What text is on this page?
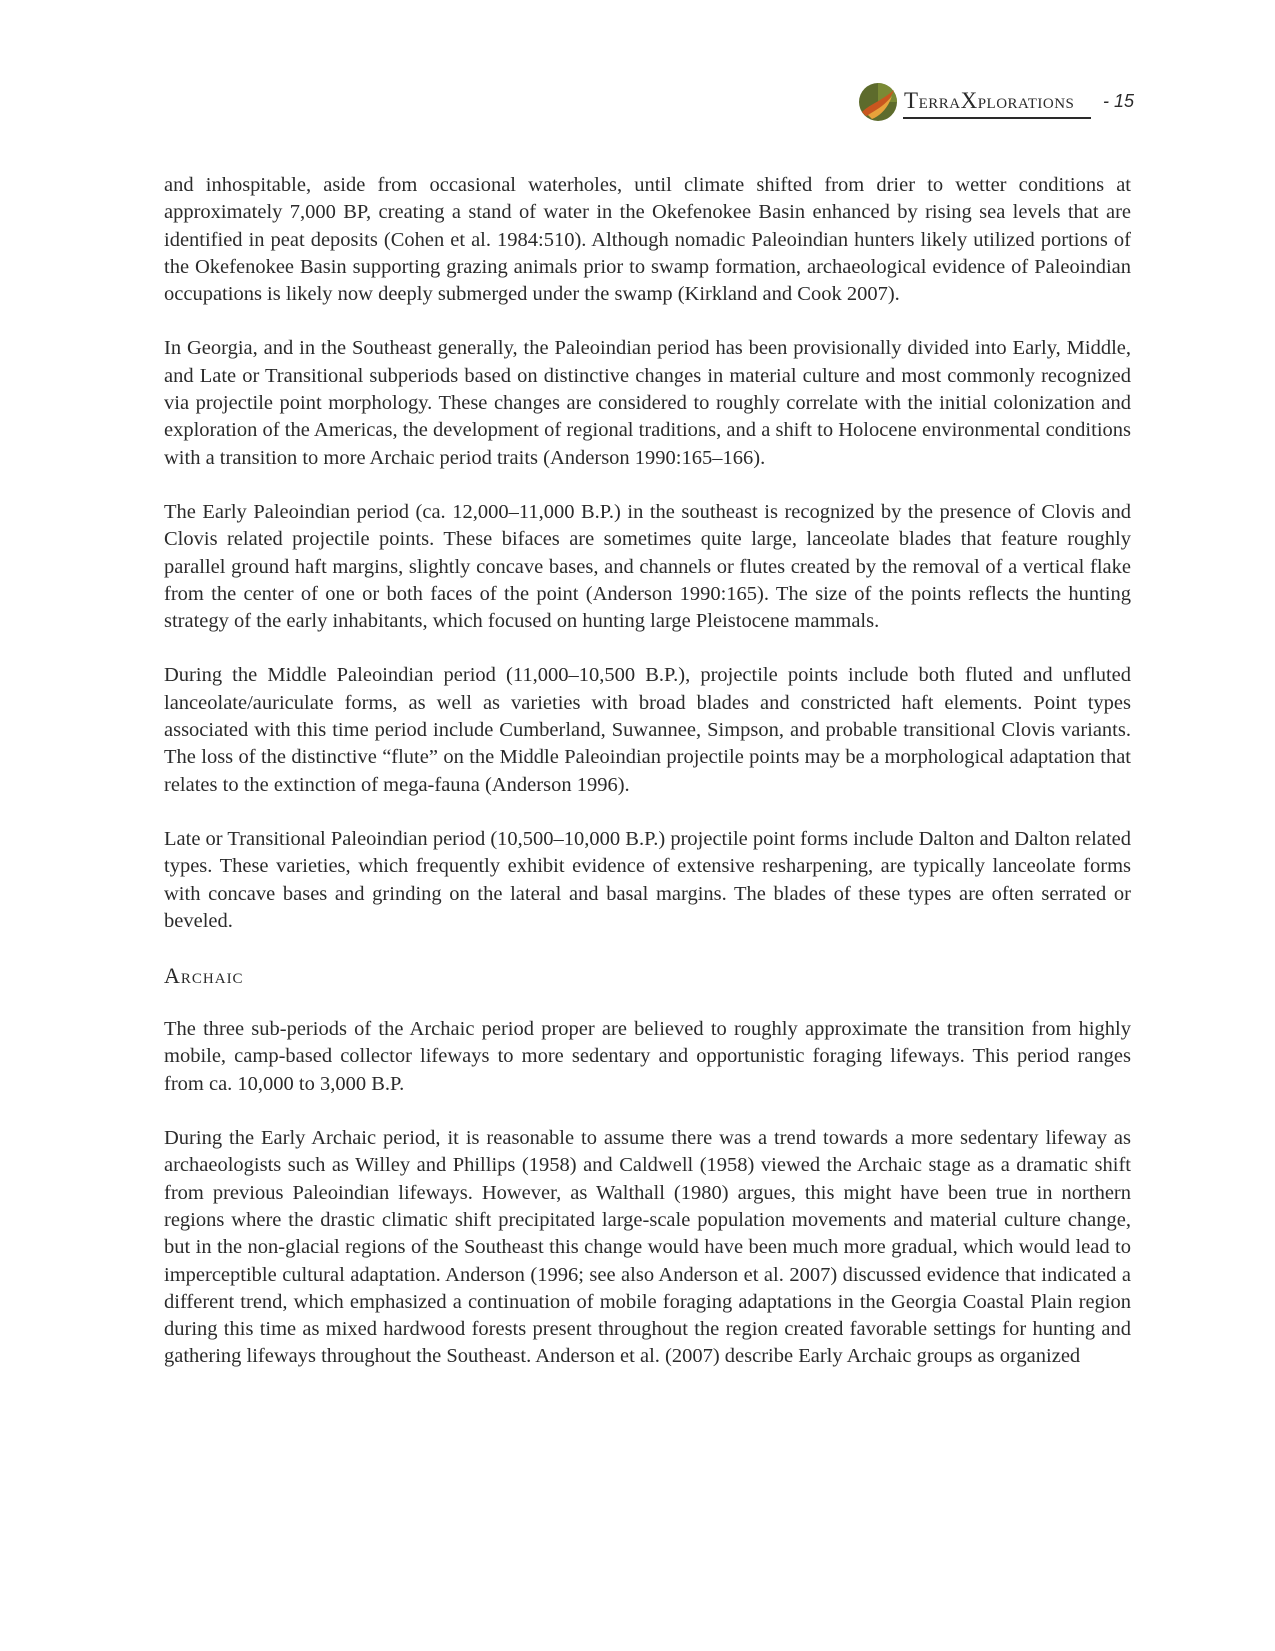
TERRAXPLORATIONS - 15

and inhospitable, aside from occasional waterholes, until climate shifted from drier to wetter conditions at approximately 7,000 BP, creating a stand of water in the Okefenokee Basin enhanced by rising sea levels that are identified in peat deposits (Cohen et al. 1984:510). Although nomadic Paleoindian hunters likely utilized portions of the Okefenokee Basin supporting grazing animals prior to swamp formation, archaeological evidence of Paleoindian occupations is likely now deeply submerged under the swamp (Kirkland and Cook 2007).

In Georgia, and in the Southeast generally, the Paleoindian period has been provisionally divided into Early, Middle, and Late or Transitional subperiods based on distinctive changes in material culture and most commonly recognized via projectile point morphology. These changes are considered to roughly correlate with the initial colonization and exploration of the Americas, the development of regional traditions, and a shift to Holocene environmental conditions with a transition to more Archaic period traits (Anderson 1990:165–166).

The Early Paleoindian period (ca. 12,000–11,000 B.P.) in the southeast is recognized by the presence of Clovis and Clovis related projectile points. These bifaces are sometimes quite large, lanceolate blades that feature roughly parallel ground haft margins, slightly concave bases, and channels or flutes created by the removal of a vertical flake from the center of one or both faces of the point (Anderson 1990:165). The size of the points reflects the hunting strategy of the early inhabitants, which focused on hunting large Pleistocene mammals.

During the Middle Paleoindian period (11,000–10,500 B.P.), projectile points include both fluted and unfluted lanceolate/auriculate forms, as well as varieties with broad blades and constricted haft elements. Point types associated with this time period include Cumberland, Suwannee, Simpson, and probable transitional Clovis variants. The loss of the distinctive “flute” on the Middle Paleoindian projectile points may be a morphological adaptation that relates to the extinction of mega-fauna (Anderson 1996).

Late or Transitional Paleoindian period (10,500–10,000 B.P.) projectile point forms include Dalton and Dalton related types. These varieties, which frequently exhibit evidence of extensive resharpening, are typically lanceolate forms with concave bases and grinding on the lateral and basal margins. The blades of these types are often serrated or beveled.

Archaic

The three sub-periods of the Archaic period proper are believed to roughly approximate the transition from highly mobile, camp-based collector lifeways to more sedentary and opportunistic foraging lifeways. This period ranges from ca. 10,000 to 3,000 B.P.

During the Early Archaic period, it is reasonable to assume there was a trend towards a more sedentary lifeway as archaeologists such as Willey and Phillips (1958) and Caldwell (1958) viewed the Archaic stage as a dramatic shift from previous Paleoindian lifeways. However, as Walthall (1980) argues, this might have been true in northern regions where the drastic climatic shift precipitated large-scale population movements and material culture change, but in the non-glacial regions of the Southeast this change would have been much more gradual, which would lead to imperceptible cultural adaptation. Anderson (1996; see also Anderson et al. 2007) discussed evidence that indicated a different trend, which emphasized a continuation of mobile foraging adaptations in the Georgia Coastal Plain region during this time as mixed hardwood forests present throughout the region created favorable settings for hunting and gathering lifeways throughout the Southeast. Anderson et al. (2007) describe Early Archaic groups as organized
